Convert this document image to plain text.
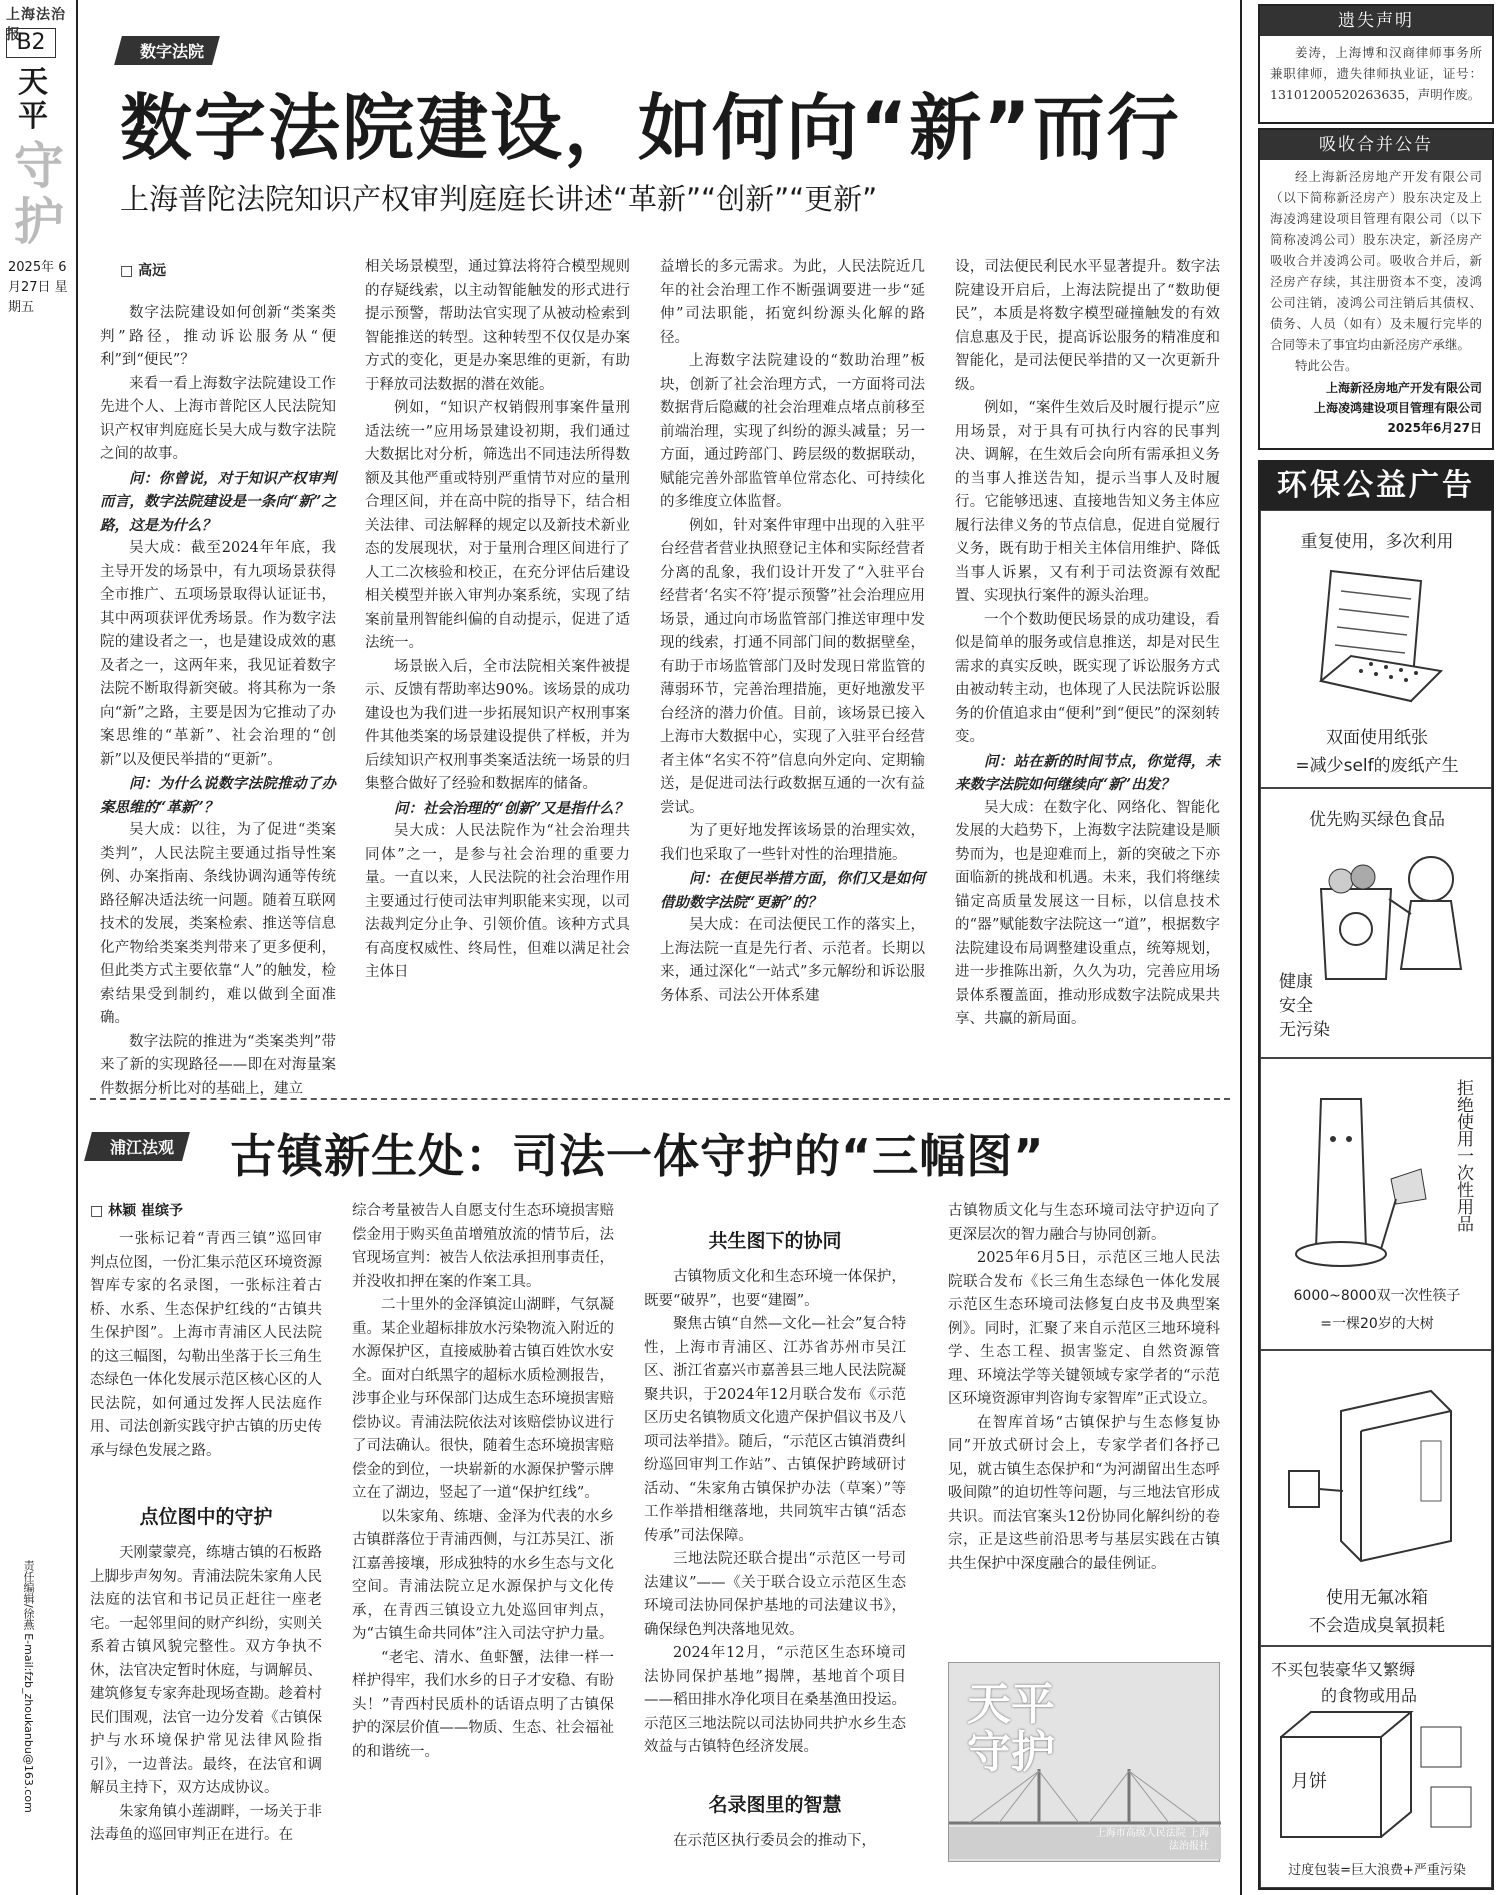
上海法治报
B2
天平
守护
2025年 6月27日 星期五
责任编辑/徐燕 E-mail:fzb_zhoukanbu@163.com
数字法院
数字法院建设，如何向“新”而行
上海普陀法院知识产权审判庭庭长讲述“革新”“创新”“更新”
□ 高远

数字法院建设如何创新“类案类判”路径，推动诉讼服务从“便利”到“便民”？

来看一看上海数字法院建设工作先进个人、上海市普陀区人民法院知识产权审判庭庭长吴大成与数字法院之间的故事。

问：你曾说，对于知识产权审判而言，数字法院建设是一条向“新”之路，这是为什么？

吴大成：截至2024年年底，我主导开发的场景中，有九项场景获得全市推广、五项场景取得认证证书，其中两项获评优秀场景。作为数字法院的建设者之一，也是建设成效的惠及者之一，这两年来，我见证着数字法院不断取得新突破。将其称为一条向“新”之路，主要是因为它推动了办案思维的“革新”、社会治理的“创新”以及便民举措的“更新”。

问：为什么说数字法院推动了办案思维的“革新”？

吴大成：以往，为了促进“类案类判”，人民法院主要通过指导性案例、办案指南、条线协调沟通等传统路径解决适法统一问题。随着互联网技术的发展，类案检索、推送等信息化产物给类案类判带来了更多便利，但此类方式主要依靠“人”的触发，检索结果受到制约，难以做到全面准确。

数字法院的推进为“类案类判”带来了新的实现路径——即在对海量案件数据分析比对的基础上，建立

相关场景模型，通过算法将符合模型规则的存疑线索，以主动智能触发的形式进行提示预警，帮助法官实现了从被动检索到智能推送的转型。这种转型不仅仅是办案方式的变化，更是办案思维的更新，有助于释放司法数据的潜在效能。

例如，“知识产权销假刑事案件量刑适法统一”应用场景建设初期，我们通过大数据比对分析，筛选出不同违法所得数额及其他严重或特别严重情节对应的量刑合理区间，并在高中院的指导下，结合相关法律、司法解释的规定以及新技术新业态的发展现状，对于量刑合理区间进行了人工二次核验和校正，在充分评估后建设相关模型并嵌入审判办案系统，实现了结案前量刑智能纠偏的自动提示，促进了适法统一。

场景嵌入后，全市法院相关案件被提示、反馈有帮助率达90%。该场景的成功建设也为我们进一步拓展知识产权刑事案件其他类案的场景建设提供了样板，并为后续知识产权刑事类案适法统一场景的归集整合做好了经验和数据库的储备。

问：社会治理的“创新”又是指什么？

吴大成：人民法院作为“社会治理共同体”之一，是参与社会治理的重要力量。一直以来，人民法院的社会治理作用主要通过行使司法审判职能来实现，以司法裁判定分止争、引领价值。该种方式具有高度权威性、终局性，但难以满足社会主体日

益增长的多元需求。为此，人民法院近几年的社会治理工作不断强调要进一步“延伸”司法职能，拓宽纠纷源头化解的路径。

上海数字法院建设的“数助治理”板块，创新了社会治理方式，一方面将司法数据背后隐藏的社会治理难点堵点前移至前端治理，实现了纠纷的源头减量；另一方面，通过跨部门、跨层级的数据联动，赋能完善外部监管单位常态化、可持续化的多维度立体监督。

例如，针对案件审理中出现的入驻平台经营者营业执照登记主体和实际经营者分离的乱象，我们设计开发了“入驻平台经营者‘名实不符’提示预警”社会治理应用场景，通过向市场监管部门推送审理中发现的线索，打通不同部门间的数据壁垒，有助于市场监管部门及时发现日常监管的薄弱环节，完善治理措施，更好地激发平台经济的潜力价值。目前，该场景已接入上海市大数据中心，实现了入驻平台经营者主体“名实不符”信息向外定向、定期输送，是促进司法行政数据互通的一次有益尝试。

为了更好地发挥该场景的治理实效，我们也采取了一些针对性的治理措施。

问：在便民举措方面，你们又是如何借助数字法院“更新”的？

吴大成：在司法便民工作的落实上，上海法院一直是先行者、示范者。长期以来，通过深化“一站式”多元解纷和诉讼服务体系、司法公开体系建

设，司法便民利民水平显著提升。数字法院建设开启后，上海法院提出了“数助便民”，本质是将数字模型碰撞触发的有效信息惠及于民，提高诉讼服务的精准度和智能化，是司法便民举措的又一次更新升级。

例如，“案件生效后及时履行提示”应用场景，对于具有可执行内容的民事判决、调解，在生效后会向所有需承担义务的当事人推送告知，提示当事人及时履行。它能够迅速、直接地告知义务主体应履行法律义务的节点信息，促进自觉履行义务，既有助于相关主体信用维护、降低当事人诉累，又有利于司法资源有效配置、实现执行案件的源头治理。

一个个数助便民场景的成功建设，看似是简单的服务或信息推送，却是对民生需求的真实反映，既实现了诉讼服务方式由被动转主动，也体现了人民法院诉讼服务的价值追求由“便利”到“便民”的深刻转变。

问：站在新的时间节点，你觉得，未来数字法院如何继续向“新”出发？

吴大成：在数字化、网络化、智能化发展的大趋势下，上海数字法院建设是顺势而为，也是迎难而上，新的突破之下亦面临新的挑战和机遇。未来，我们将继续锚定高质量发展这一目标，以信息技术的“器”赋能数字法院这一“道”，根据数字法院建设布局调整建设重点，统筹规划，进一步推陈出新，久久为功，完善应用场景体系覆盖面，推动形成数字法院成果共享、共赢的新局面。

浦江法观	古镇新生处：司法一体守护的“三幅图”
□ 林颖 崔缤予

一张标记着“青西三镇”巡回审判点位图，一份汇集示范区环境资源智库专家的名录图，一张标注着古桥、水系、生态保护红线的“古镇共生保护图”。上海市青浦区人民法院的这三幅图，勾勒出坐落于长三角生态绿色一体化发展示范区核心区的人民法院，如何通过发挥人民法庭作用、司法创新实践守护古镇的历史传承与绿色发展之路。

点位图中的守护

天刚蒙蒙亮，练塘古镇的石板路上脚步声匆匆。青浦法院朱家角人民法庭的法官和书记员正赶往一座老宅。一起邻里间的财产纠纷，实则关系着古镇风貌完整性。双方争执不休，法官决定暂时休庭，与调解员、建筑修复专家奔赴现场查勘。趁着村民们围观，法官一边分发着《古镇保护与水环境保护常见法律风险指引》，一边普法。最终，在法官和调解员主持下，双方达成协议。

朱家角镇小莲湖畔，一场关于非法毒鱼的巡回审判正在进行。在

综合考量被告人自愿支付生态环境损害赔偿金用于购买鱼苗增殖放流的情节后，法官现场宣判：被告人依法承担刑事责任，并没收扣押在案的作案工具。

二十里外的金泽镇淀山湖畔，气氛凝重。某企业超标排放水污染物流入附近的水源保护区，直接威胁着古镇百姓饮水安全。面对白纸黑字的超标水质检测报告，涉事企业与环保部门达成生态环境损害赔偿协议。青浦法院依法对该赔偿协议进行了司法确认。很快，随着生态环境损害赔偿金的到位，一块崭新的水源保护警示牌立在了湖边，竖起了一道“保护红线”。

以朱家角、练塘、金泽为代表的水乡古镇群落位于青浦西侧，与江苏吴江、浙江嘉善接壤，形成独特的水乡生态与文化空间。青浦法院立足水源保护与文化传承，在青西三镇设立九处巡回审判点，为“古镇生命共同体”注入司法守护力量。

“老宅、清水、鱼虾蟹，法律一样一样护得牢，我们水乡的日子才安稳、有盼头！”青西村民质朴的话语点明了古镇保护的深层价值——物质、生态、社会福祉的和谐统一。

共生图下的协同

古镇物质文化和生态环境一体保护，既要“破界”，也要“建圈”。

聚焦古镇“自然—文化—社会”复合特性，上海市青浦区、江苏省苏州市吴江区、浙江省嘉兴市嘉善县三地人民法院凝聚共识，于2024年12月联合发布《示范区历史名镇物质文化遗产保护倡议书及八项司法举措》。随后，“示范区古镇消费纠纷巡回审判工作站”、古镇保护跨域研讨活动、“朱家角古镇保护办法（草案）”等工作举措相继落地，共同筑牢古镇“活态传承”司法保障。

三地法院还联合提出“示范区一号司法建议”——《关于联合设立示范区生态环境司法协同保护基地的司法建议书》，确保绿色判决落地见效。

2024年12月，“示范区生态环境司法协同保护基地”揭牌，基地首个项目——稻田排水净化项目在桑基渔田投运。示范区三地法院以司法协同共护水乡生态效益与古镇特色经济发展。

名录图里的智慧

在示范区执行委员会的推动下，

古镇物质文化与生态环境司法守护迈向了更深层次的智力融合与协同创新。

2025年6月5日，示范区三地人民法院联合发布《长三角生态绿色一体化发展示范区生态环境司法修复白皮书及典型案例》。同时，汇聚了来自示范区三地环境科学、生态工程、损害鉴定、自然资源管理、环境法学等关键领域专家学者的“示范区环境资源审判咨询专家智库”正式设立。

在智库首场“古镇保护与生态修复协同”开放式研讨会上，专家学者们各抒己见，就古镇生态保护和“为河湖留出生态呼吸间隙”的迫切性等问题，与三地法官形成共识。而法官案头12份协同化解纠纷的卷宗，正是这些前沿思考与基层实践在古镇共生保护中深度融合的最佳例证。

天平守护
上海市高级人民法院 上海法治报社
遗失声明

姜涛，上海博和汉商律师事务所兼职律师，遗失律师执业证，证号：13101200520263635，声明作废。

吸收合并公告

经上海新泾房地产开发有限公司（以下简称新泾房产）股东决定及上海凌鸿建设项目管理有限公司（以下简称凌鸿公司）股东决定，新泾房产吸收合并凌鸿公司。吸收合并后，新泾房产存续，其注册资本不变，凌鸿公司注销，凌鸿公司注销后其债权、债务、人员（如有）及未履行完毕的合同等未了事宜均由新泾房产承继。

特此公告。

上海新泾房地产开发有限公司
上海凌鸿建设项目管理有限公司
2025年6月27日
环保公益广告
重复使用，多次利用
双面使用纸张
=减少self的废纸产生
优先购买绿色食品
健康
安全
无污染
拒绝使用一次性用品
6000~8000双一次性筷子
=一棵20岁的大树
使用无氟冰箱
不会造成臭氧损耗
不买包装豪华又繁缛
的食物或用品
月饼
过度包装=巨大浪费+严重污染
